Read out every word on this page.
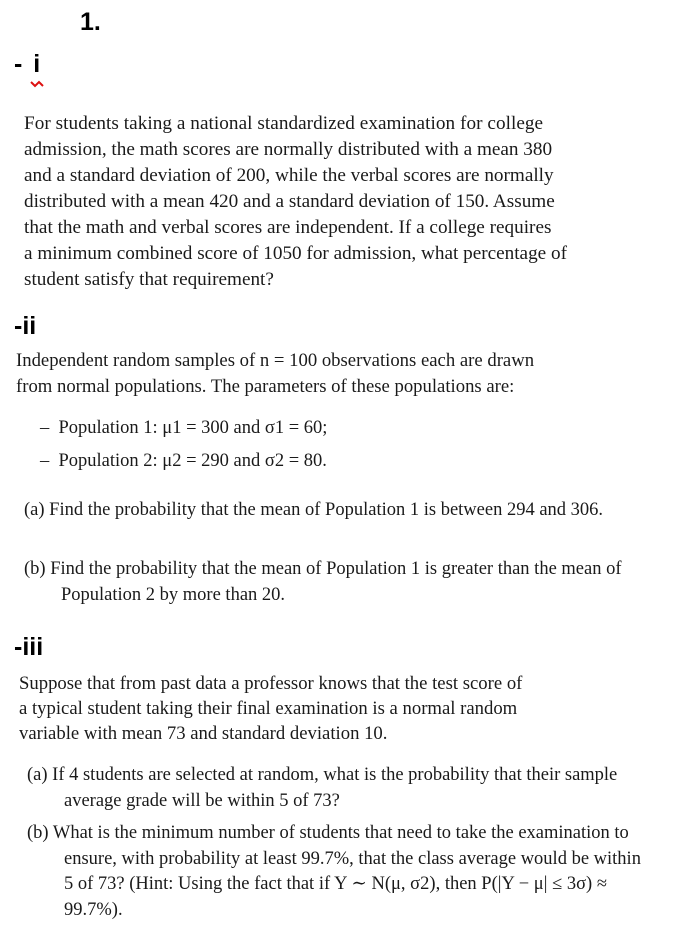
1.
- i
For students taking a national standardized examination for college
admission, the math scores are normally distributed with a mean 380
and a standard deviation of 200, while the verbal scores are normally
distributed with a mean 420 and a standard deviation of 150. Assume
that the math and verbal scores are independent. If a college requires
a minimum combined score of 1050 for admission, what percentage of
student satisfy that requirement?
-ii
Independent random samples of n = 100 observations each are drawn
from normal populations. The parameters of these populations are:
–  Population 1: μ1 = 300 and σ1 = 60;
–  Population 2: μ2 = 290 and σ2 = 80.
(a) Find the probability that the mean of Population 1 is between 294 and 306.
(b) Find the probability that the mean of Population 1 is greater than the mean of Population 2 by more than 20.
-iii
Suppose that from past data a professor knows that the test score of
a typical student taking their final examination is a normal random
variable with mean 73 and standard deviation 10.
(a) If 4 students are selected at random, what is the probability that their sample average grade will be within 5 of 73?
(b) What is the minimum number of students that need to take the examination to ensure, with probability at least 99.7%, that the class average would be within 5 of 73? (Hint: Using the fact that if Y ∼ N(μ, σ2), then P(|Y − μ| ≤ 3σ) ≈ 99.7%).
